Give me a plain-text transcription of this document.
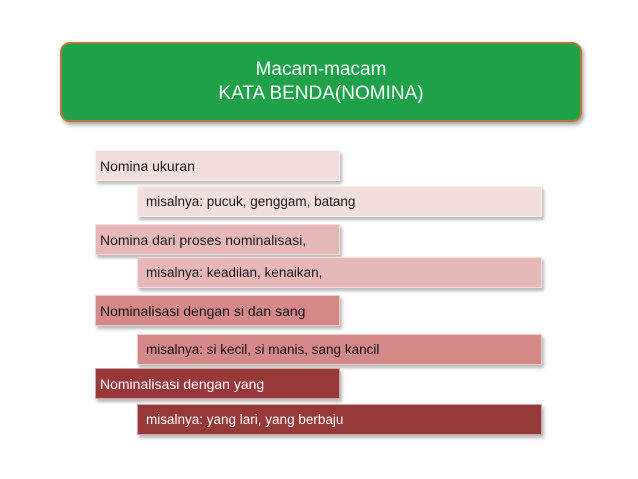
Macam-macam
KATA BENDA(NOMINA)
Nomina ukuran
misalnya: pucuk, genggam, batang
Nomina dari proses nominalisasi,
misalnya: keadilan, kenaikan,
Nominalisasi dengan si dan sang
misalnya: si kecil, si manis, sang kancil
Nominalisasi dengan yang
misalnya: yang lari, yang berbaju
